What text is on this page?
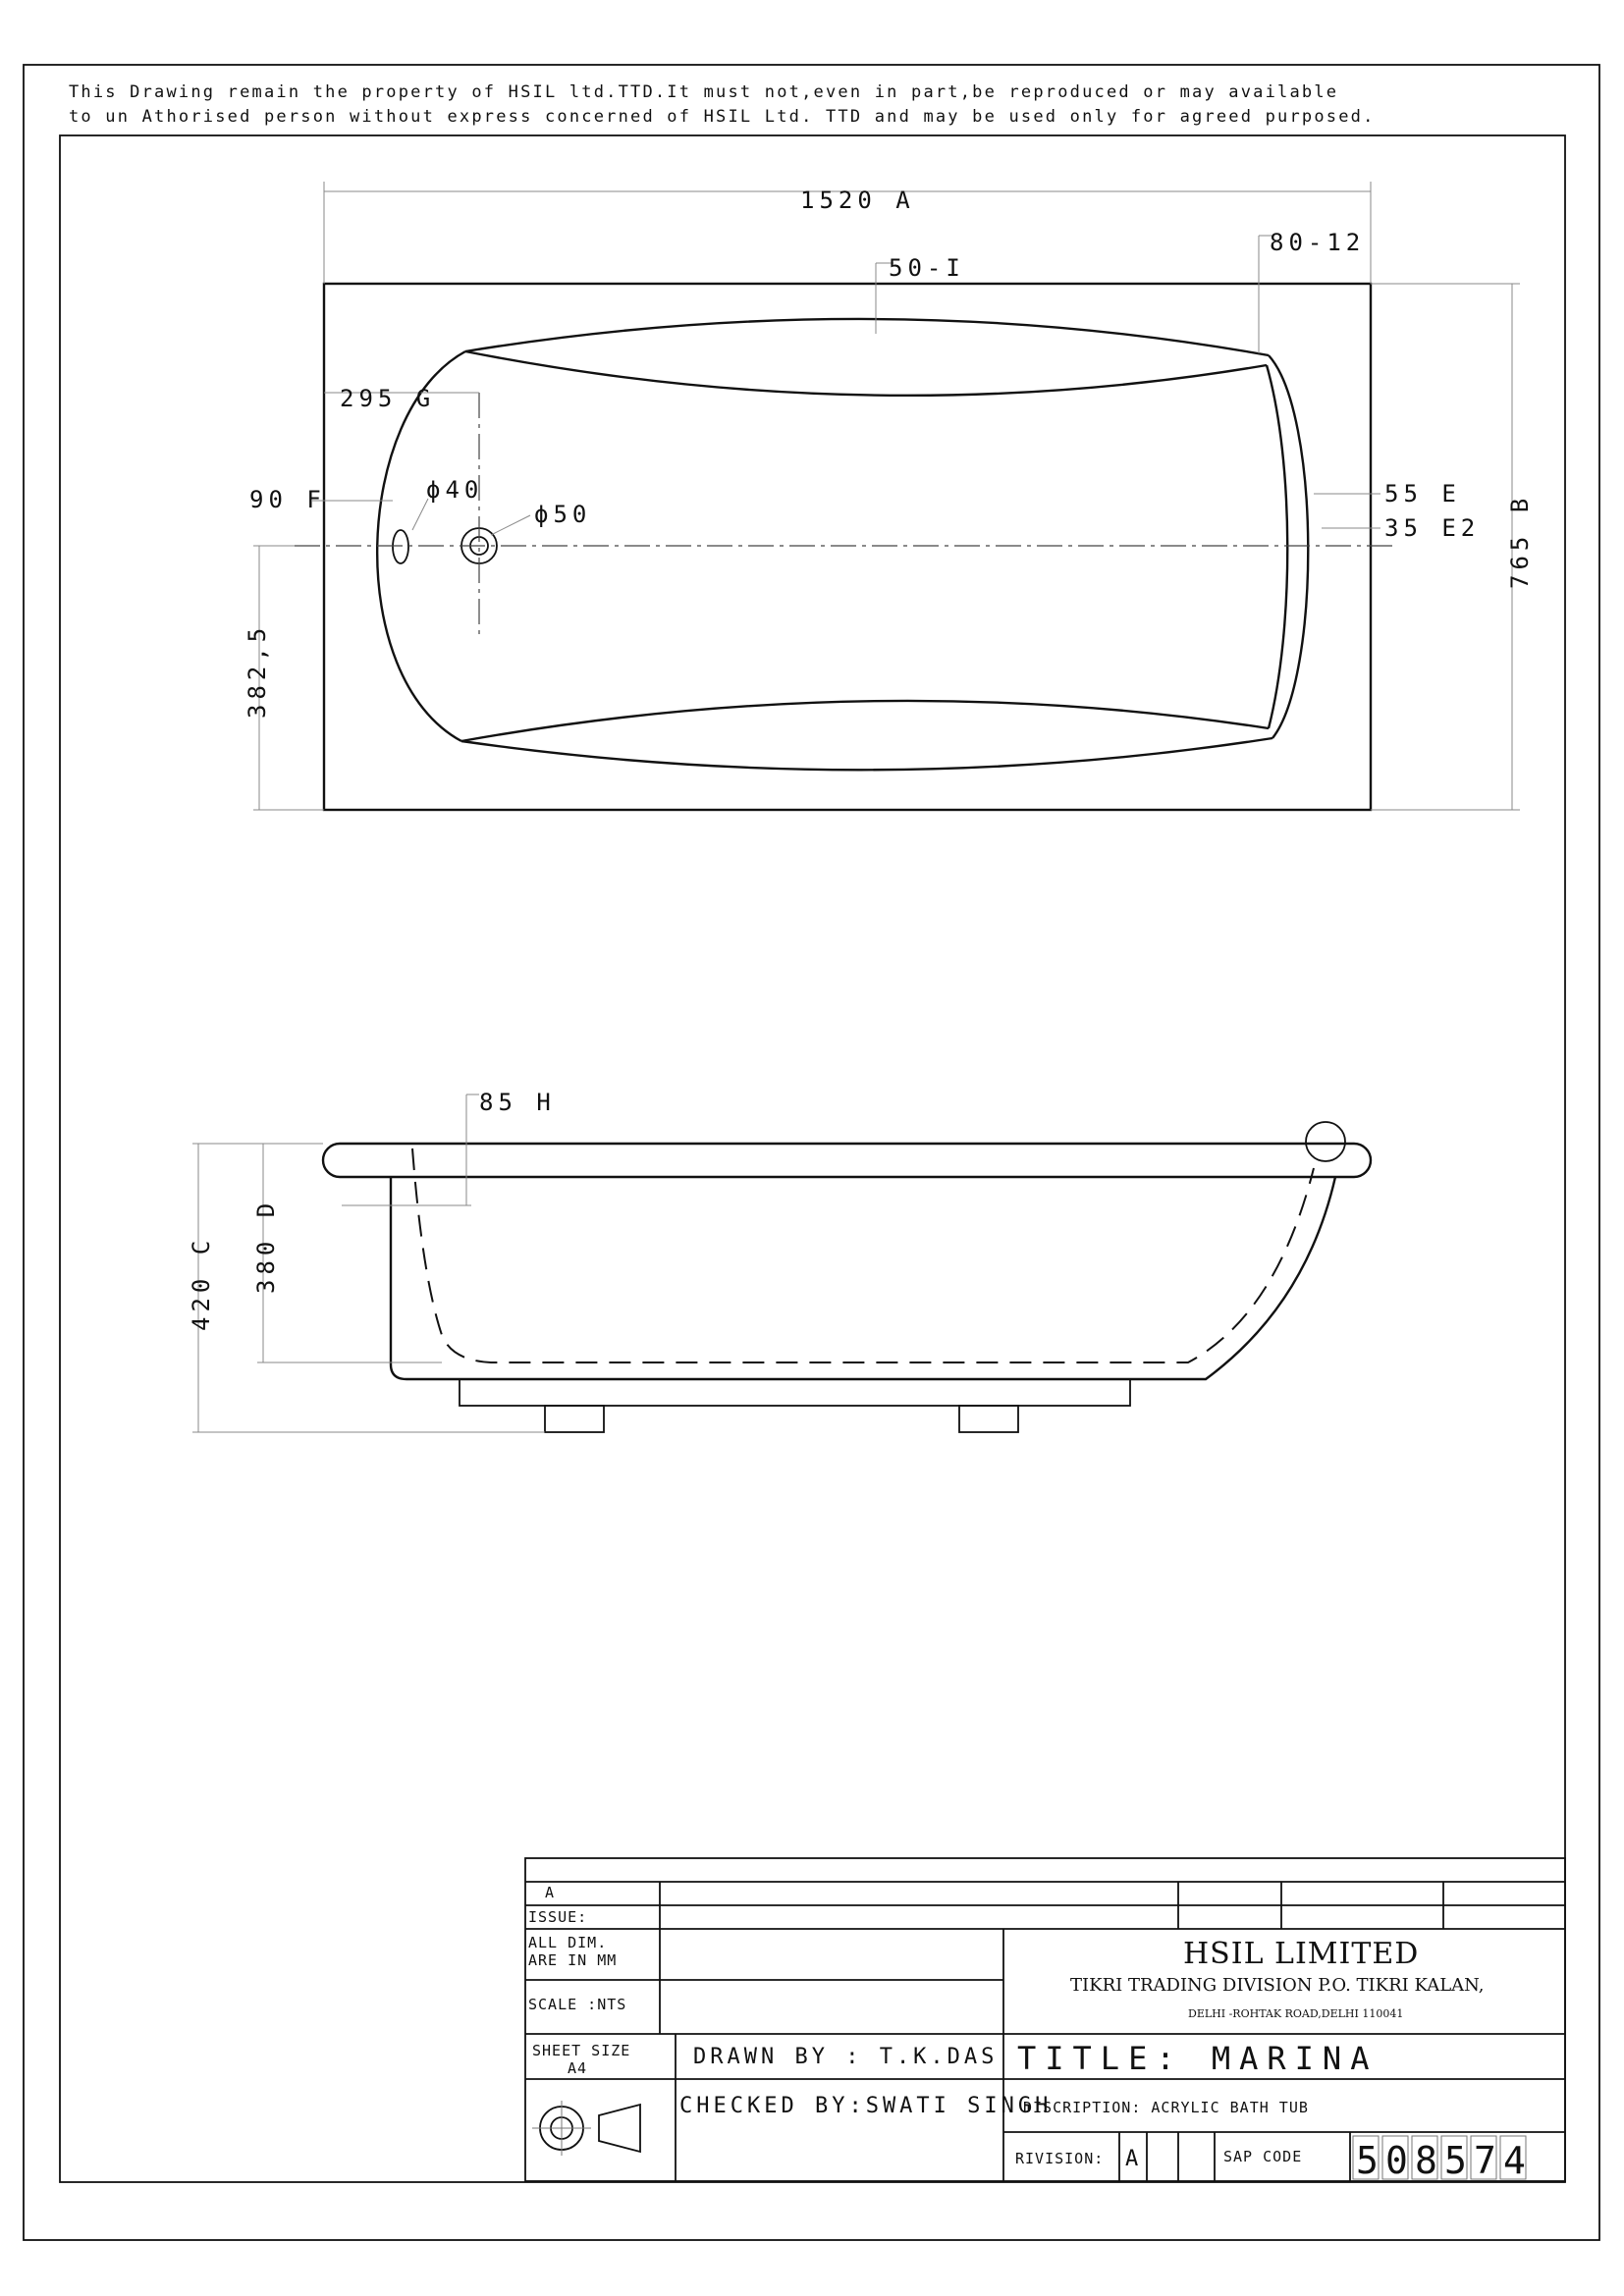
This Drawing remain the property of HSIL ltd.TTD.It must not,even in part,be reproduced or may available
to un Athorised person without express concerned of HSIL Ltd. TTD and may be used only for agreed purposed.
1520 A
50-I
80-12
295 G
90 F	ϕ40
ϕ50
55 E
35 E2 765 B
382,5
85 H
420 C 380 D
A
ISSUE:
ALL DIM.
ARE IN MM
SCALE :NTS
HSIL LIMITED
TIKRI TRADING DIVISION P.O. TIKRI KALAN,
DELHI -ROHTAK ROAD,DELHI 110041
SHEET SIZE
A4	DRAWN BY : T.K.DAS
CHECKED BY:SWATI SINGH
TITLE: MARINA
DISCRIPTION: ACRYLIC BATH TUB
RIVISION: A	SAP CODE 5 0 8 5 7 4
